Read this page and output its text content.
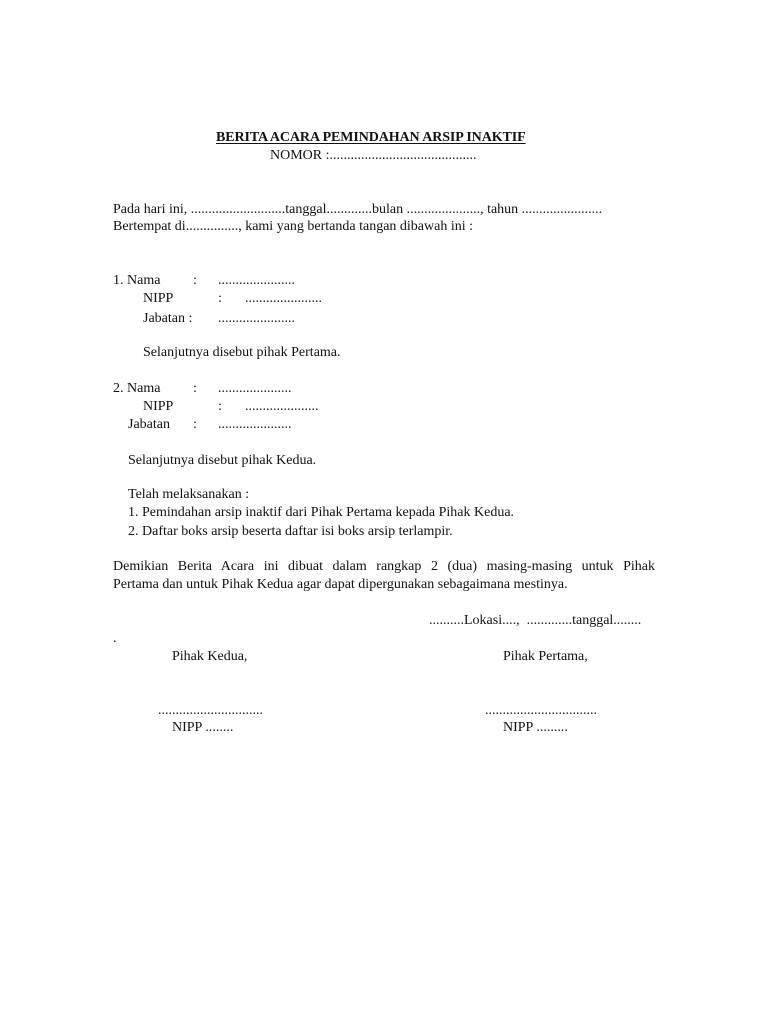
BERITA ACARA PEMINDAHAN ARSIP INAKTIF
NOMOR :..........................................
Pada hari ini, ...........................tanggal.............bulan ....................., tahun .......................
Bertempat di..............., kami yang bertanda tangan dibawah ini :
1. Nama : ......................
NIPP	: ......................
Jabatan : ......................
Selanjutnya disebut pihak Pertama.
2. Nama : .....................
NIPP	: .....................
Jabatan : .....................
Selanjutnya disebut pihak Kedua.
Telah melaksanakan :
1. Pemindahan arsip inaktif dari Pihak Pertama kepada Pihak Kedua.
2. Daftar boks arsip beserta daftar isi boks arsip terlampir.
Demikian Berita Acara ini dibuat dalam rangkap 2 (dua) masing-masing untuk Pihak
Pertama dan untuk Pihak Kedua agar dapat dipergunakan sebagaimana mestinya.
..........Lokasi....,  .............tanggal........
.
Pihak Kedua,	Pihak Pertama,
..............................	................................
NIPP ........	NIPP .........
